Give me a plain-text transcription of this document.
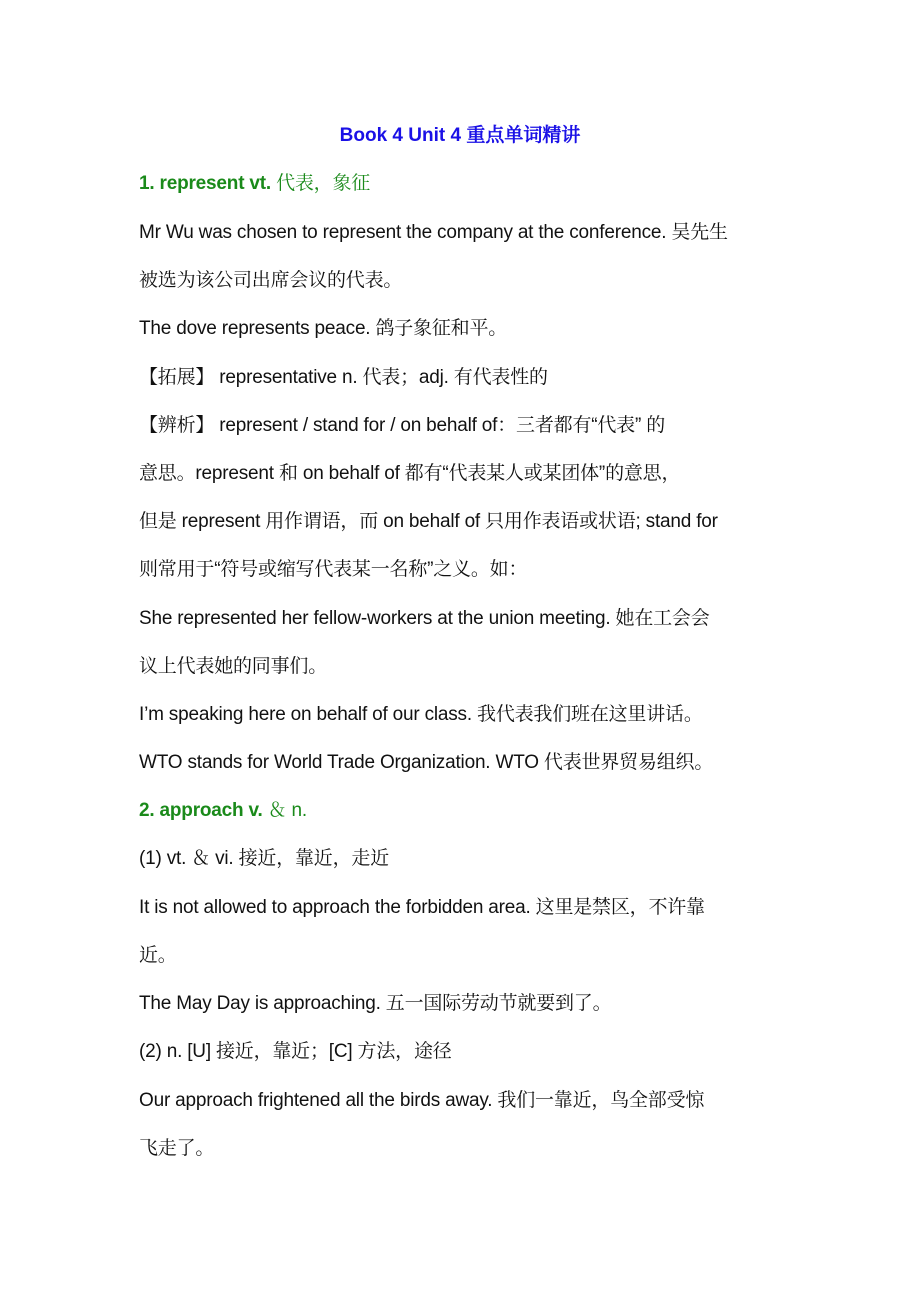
Book 4 Unit 4 重点单词精讲
1. represent vt. 代表，象征
Mr Wu was chosen to represent the company at the conference. 吴先生
被选为该公司出席会议的代表。
The dove represents peace. 鸽子象征和平。
【拓展】 representative n. 代表；adj. 有代表性的
【辨析】 represent / stand for / on behalf of：三者都有“代表” 的
意思。represent 和 on behalf of 都有“代表某人或某团体”的意思，
但是 represent 用作谓语，而 on behalf of 只用作表语或状语; stand for
则常用于“符号或缩写代表某一名称”之义。如：
She represented her fellow-workers at the union meeting. 她在工会会
议上代表她的同事们。
I’m speaking here on behalf of our class. 我代表我们班在这里讲话。
WTO stands for World Trade Organization. WTO 代表世界贸易组织。
2. approach v. ＆ n.
(1) vt. ＆ vi. 接近，靠近，走近
It is not allowed to approach the forbidden area. 这里是禁区，不许靠
近。
The May Day is approaching. 五一国际劳动节就要到了。
(2) n. [U] 接近，靠近；[C] 方法，途径
Our approach frightened all the birds away. 我们一靠近，鸟全部受惊
飞走了。
